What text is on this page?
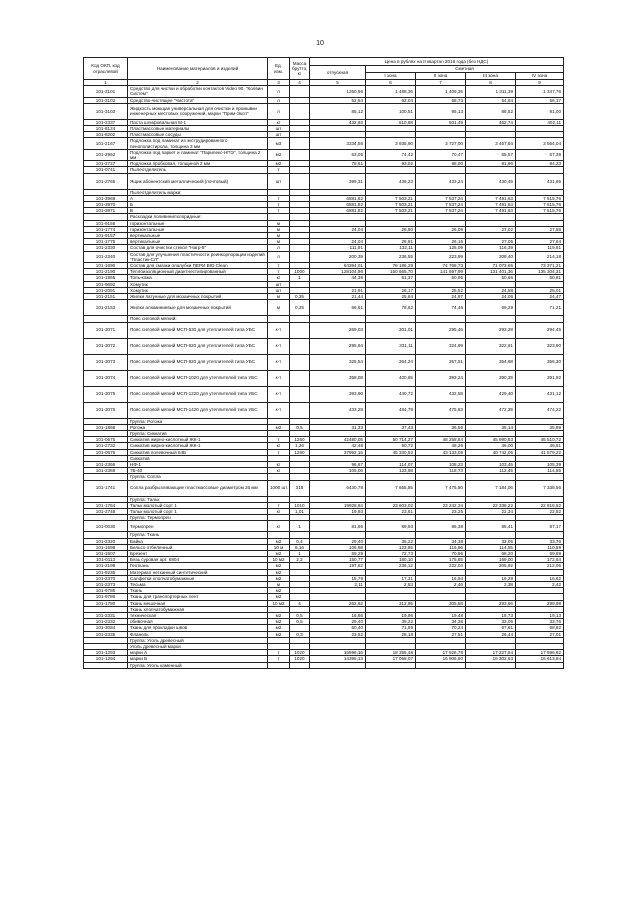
10
Код ОКП, код отраслевой	Наименование материалов и изделий	Ед. изм.	Масса брутто, кг	Цена в рублях на II квартал 2016 года (без НДС)				
				отпускная	Сметная			
					I зона	II зона	III зона	IV зона
1	2	3	4	5	6	7	8	9
101-3101	Средство для чистки и обработки контактов Video 90, "Колвин Систем"	л		1260,96	1 488,36	1 409,35	1 311,39	1 347,76
101-3102	Средство-чистящее "Чистота"	л		52,54	62,04	58,73	54,64	56,17
101-3103	Жидкость моющая универсальная для очистки и промывки инженерных местовых сооружений, марки "Прим-Эксп"	л		85,12	100,51	95,13	88,52	91,00
101-2337	Паста шлифовальная М-1	кг		432,93	510,88	501,49	462,74	402,11
101-8124	Пластмассовые материалы	шт						
101-8202	Пластмассовые сосуды	шт						
101-2167	Подложка под ламинат из экструдированного пенополистирола, толщина 3 мм	м3		3334,56	3 935,90	3 727,00	3 467,64	3 564,04
101-2962	Подложка под паркет и ламинат "Парилекс-НПЭ", толщина 2 мм	м2		63,05	74,42	70,47	65,57	67,39
101-2727	Подложка пробковая, толщиной 2 мм	м2		78,61	93,02	88,00	81,96	84,23
101-0741	Пылеотделитель	т						
101-2765	Ящик абонентский металлический (почтовый)	шт		399,31	439,23	433,24	430,45	431,65
	Пылеотделитель марки:							
101-3969	А	т		6881,82	7 503,21	7 537,24	7 491,63	7 515,76
101-3970	Б	т		6881,82	7 503,21	7 537,24	7 491,63	7 515,76
101-3971	В	т		6881,82	7 503,21	7 537,24	7 491,63	7 515,76
	Раскладки поливинилхлоридные:							
101-9156	горизонтальные	м						
101-1774	горизонтальные	м		24,04	28,80	26,09	27,02	27,58
101-9157	вертикальные	м						
101-1775	вертикальные	м		24,04	28,81	26,15	27,05	27,64
101-2330	Состав для очистки стекол "Нагр-5"	л		111,91	132,11	125,09	116,39	119,61
101-2340	Состав для улучшения пластичности реинкорпорации изделий "Пластик-СЛ"	л		200,39	236,55	223,99	208,40	214,18
101-1690	Состав для смазки опалубки ПЕРИ ВЮ Clean	т		64394,01	76 186,29	74 768,73	71 073,65	73 371,21
101-2190	Теплоизоляционный диантнестипированный	т	1000	128104,96	150 665,70	141 697,99	131 401,36	135 304,31
101-1965	Толь-кожа	кг	1	44,38	51,37	50,95	50,66	50,81
101-9692	Хомутик	шт						
101-2091	Хомутик	шт		21,91	26,17	25,52	24,58	25,01
101-2151	Жилки латунные для мозаичных покрытий	м	0,35	21,44	25,64	24,97	24,06	24,47
101-2153	Жилки алюминиевые для мозаичных покрытий	м	0,25	66,61	78,62	74,46	69,29	71,21
	Пояс силовой мягкий:							
101-3071	Пояс силовой мягкий МСП-530 для утеплителей типа УБС	к-т		269,03	301,01	295,46	293,28	294,45
101-3072	Пояс силовой мягкий МСП-620 для утеплителей типа УБС	к-т		295,94	331,11	324,99	322,61	323,90
101-3073	Пояс силовой мягкий МСП-820 для утеплителей типа УБС	к-т		325,54	364,24	357,51	354,88	356,30
101-3074	Пояс силовой мягкий МСП-1020 для утеплителей типа УБС	к-т		358,08	400,65	393,24	390,35	391,92
101-3075	Пояс силовой мягкий МСП-1220 для утеплителей типа УБС	к-т		393,90	440,72	432,58	429,40	431,12
101-3076	Пояс силовой мягкий МСП-1420 для утеплителей типа УБС	к-т		433,29	484,79	475,83	472,35	474,22
	Группа: Рогожа							
101-1868	Рогожа	м2	0,5	31,33	37,43	36,56	35,14	35,89
	Группа: Сиккатив							
101-0675	Сиккатив жирно-кислотный ЖК-1	т	1260	42480,05	50 714,27	48 258,84	45 990,83	46 510,72
101-2732	Сиккатив жирно-кислотный ЖК-1	кг	1,26	42,48	50,72	48,26	46,00	46,51
101-0676	Сиккатив полевочный 64Б	т	1260	37952,15	45 330,52	43 133,08	40 742,05	41 579,22
	Сиккатив							
101-2366	НФ-1	кг		96,67	114,07	108,23	103,45	105,39
101-2369	7Б-40	кг		105,06	123,98	118,73	112,45	114,55
	Группа: Сопла							
101-1741	Сопла разбрызгивающие пластмассовые диаметром 26 мм	1000 шт.	318	6430,78	7 655,85	7 475,80	7 184,06	7 338,56
	Группа: Тальк							
101-1764	Тальк молотый сорт 1	т	1010	19928,84	23 603,02	23 242,34	22 336,22	22 816,52
101-2748	Тальк молотый сорт 1	кг	1,01	19,93	23,61	23,25	22,34	22,82
	Группа: Термопрен							
101-0030	Термопрен	кг	1	81,95	89,93	86,38	85,41	87,17
	Группа: Ткань							
101-2320	Байка	м2	0,4	29,40	35,22	34,38	33,05	33,76
101-1598	Бельсо отбеленный	10 м	6,16	106,98	123,85	116,96	114,55	110,59
101-1507	Брезент	м2	1	59,29	72,73	70,96	68,20	69,69
101-0113	Бязь суровая арт. 6804	10 м2	2,2	150,77	180,10	175,85	169,00	172,64
101-2198	Геоткань	м2		197,62	236,12	222,04	205,92	212,05
101-9235	Материал нетканный синтетический	м2						
101-2370	Салфетки хлопчатобумажные	м2		15,79	17,31	16,94	16,29	16,62
101-2373	Тесьма	м		2,11	2,53	2,46	2,38	2,42
101-9785	Ткань	м2						
101-9786	Ткань для транспортерных лент	м2						
101-1780	Ткань мешочная	10 м2	4	262,62	312,95	305,58	293,66	299,98
	Ткань хлопчатобумажная							
101-2331	техническая	м2	0,5	16,66	19,96	19,48	18,73	19,13
101-2332	обивочная	м2	0,5	29,40	35,22	34,38	33,05	33,76
101-3084	Ткань для прокладки швов	м2		60,40	71,59	70,24	67,61	68,82
101-2335	Фланель	м2	0,3	23,52	28,18	27,51	26,44	27,01
	Группа: Уголь древесный							
	Уголь древесный марки							
101-1293	марки А	т	1020	15596,16	18 355,48	17 926,78	17 227,64	17 596,92
101-1294	марки Б	т	1020	14395,13	17 058,07	16 906,60	16 302,63	16 613,84
	Группа: Уголь каменный							
